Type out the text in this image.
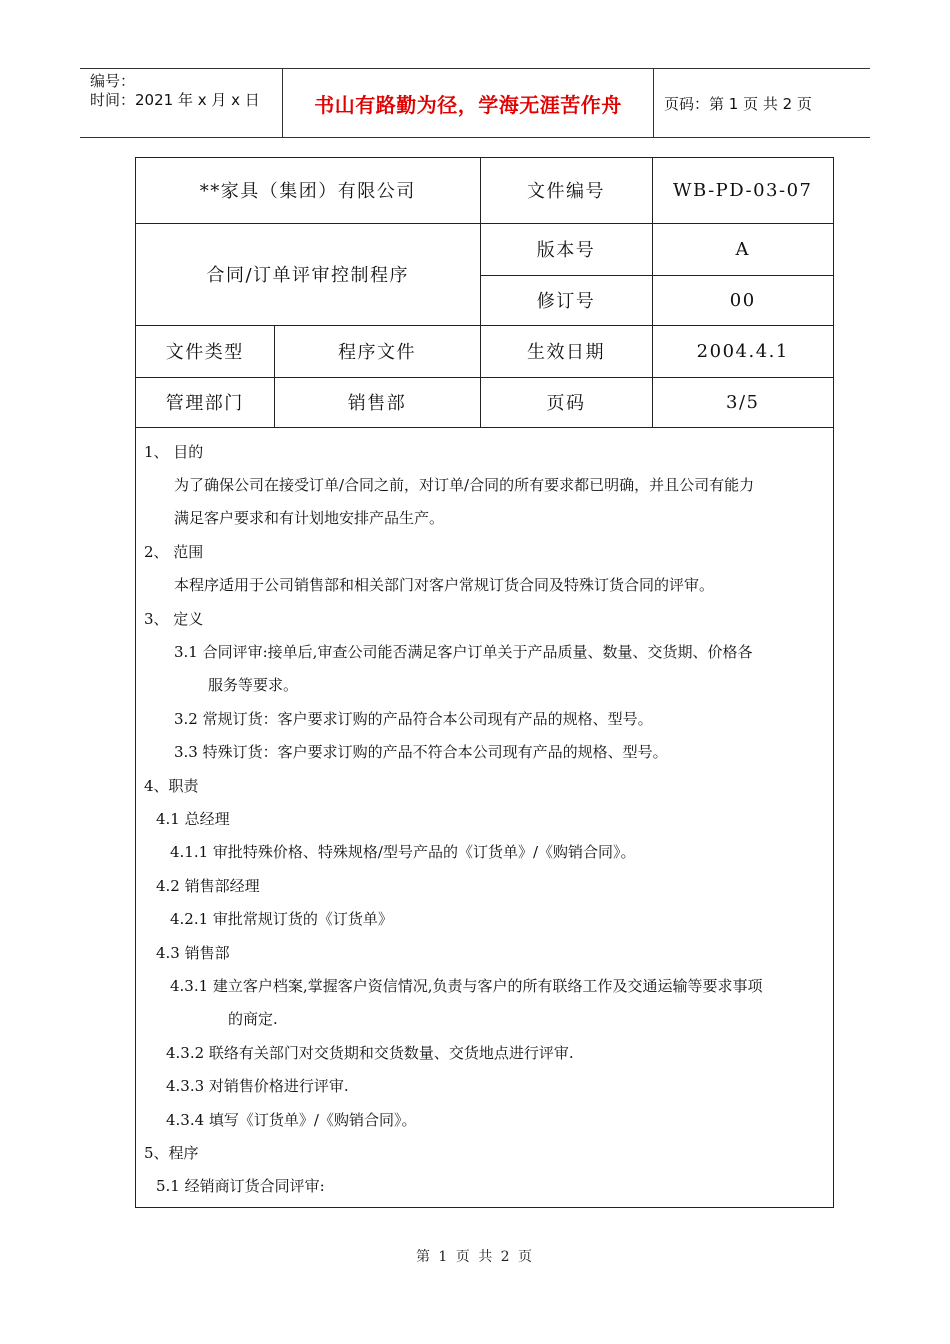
编号：
时间：2021 年 x 月 x 日	书山有路勤为径，学海无涯苦作舟	页码：第 1 页 共 2 页
**家具（集团）有限公司		文件编号	WB-PD-03-07
合同/订单评审控制程序		版本号	A
		修订号	00
文件类型	程序文件	生效日期	2004.4.1
管理部门	销售部	页码	3/5
1、 目的
为了确保公司在接受订单/合同之前，对订单/合同的所有要求都已明确，并且公司有能力
满足客户要求和有计划地安排产品生产。
2、 范围
本程序适用于公司销售部和相关部门对客户常规订货合同及特殊订货合同的评审。
3、 定义
3.1 合同评审:接单后,审查公司能否满足客户订单关于产品质量、数量、交货期、价格各
服务等要求。
3.2 常规订货：客户要求订购的产品符合本公司现有产品的规格、型号。
3.3 特殊订货：客户要求订购的产品不符合本公司现有产品的规格、型号。
4、职责
4.1 总经理
4.1.1 审批特殊价格、特殊规格/型号产品的《订货单》/《购销合同》。
4.2 销售部经理
4.2.1 审批常规订货的《订货单》
4.3 销售部
4.3.1 建立客户档案,掌握客户资信情况,负责与客户的所有联络工作及交通运输等要求事项
的商定.
4.3.2 联络有关部门对交货期和交货数量、交货地点进行评审.
4.3.3 对销售价格进行评审.
4.3.4 填写《订货单》/《购销合同》。
5、程序
5.1 经销商订货合同评审:
第 1 页 共 2 页
